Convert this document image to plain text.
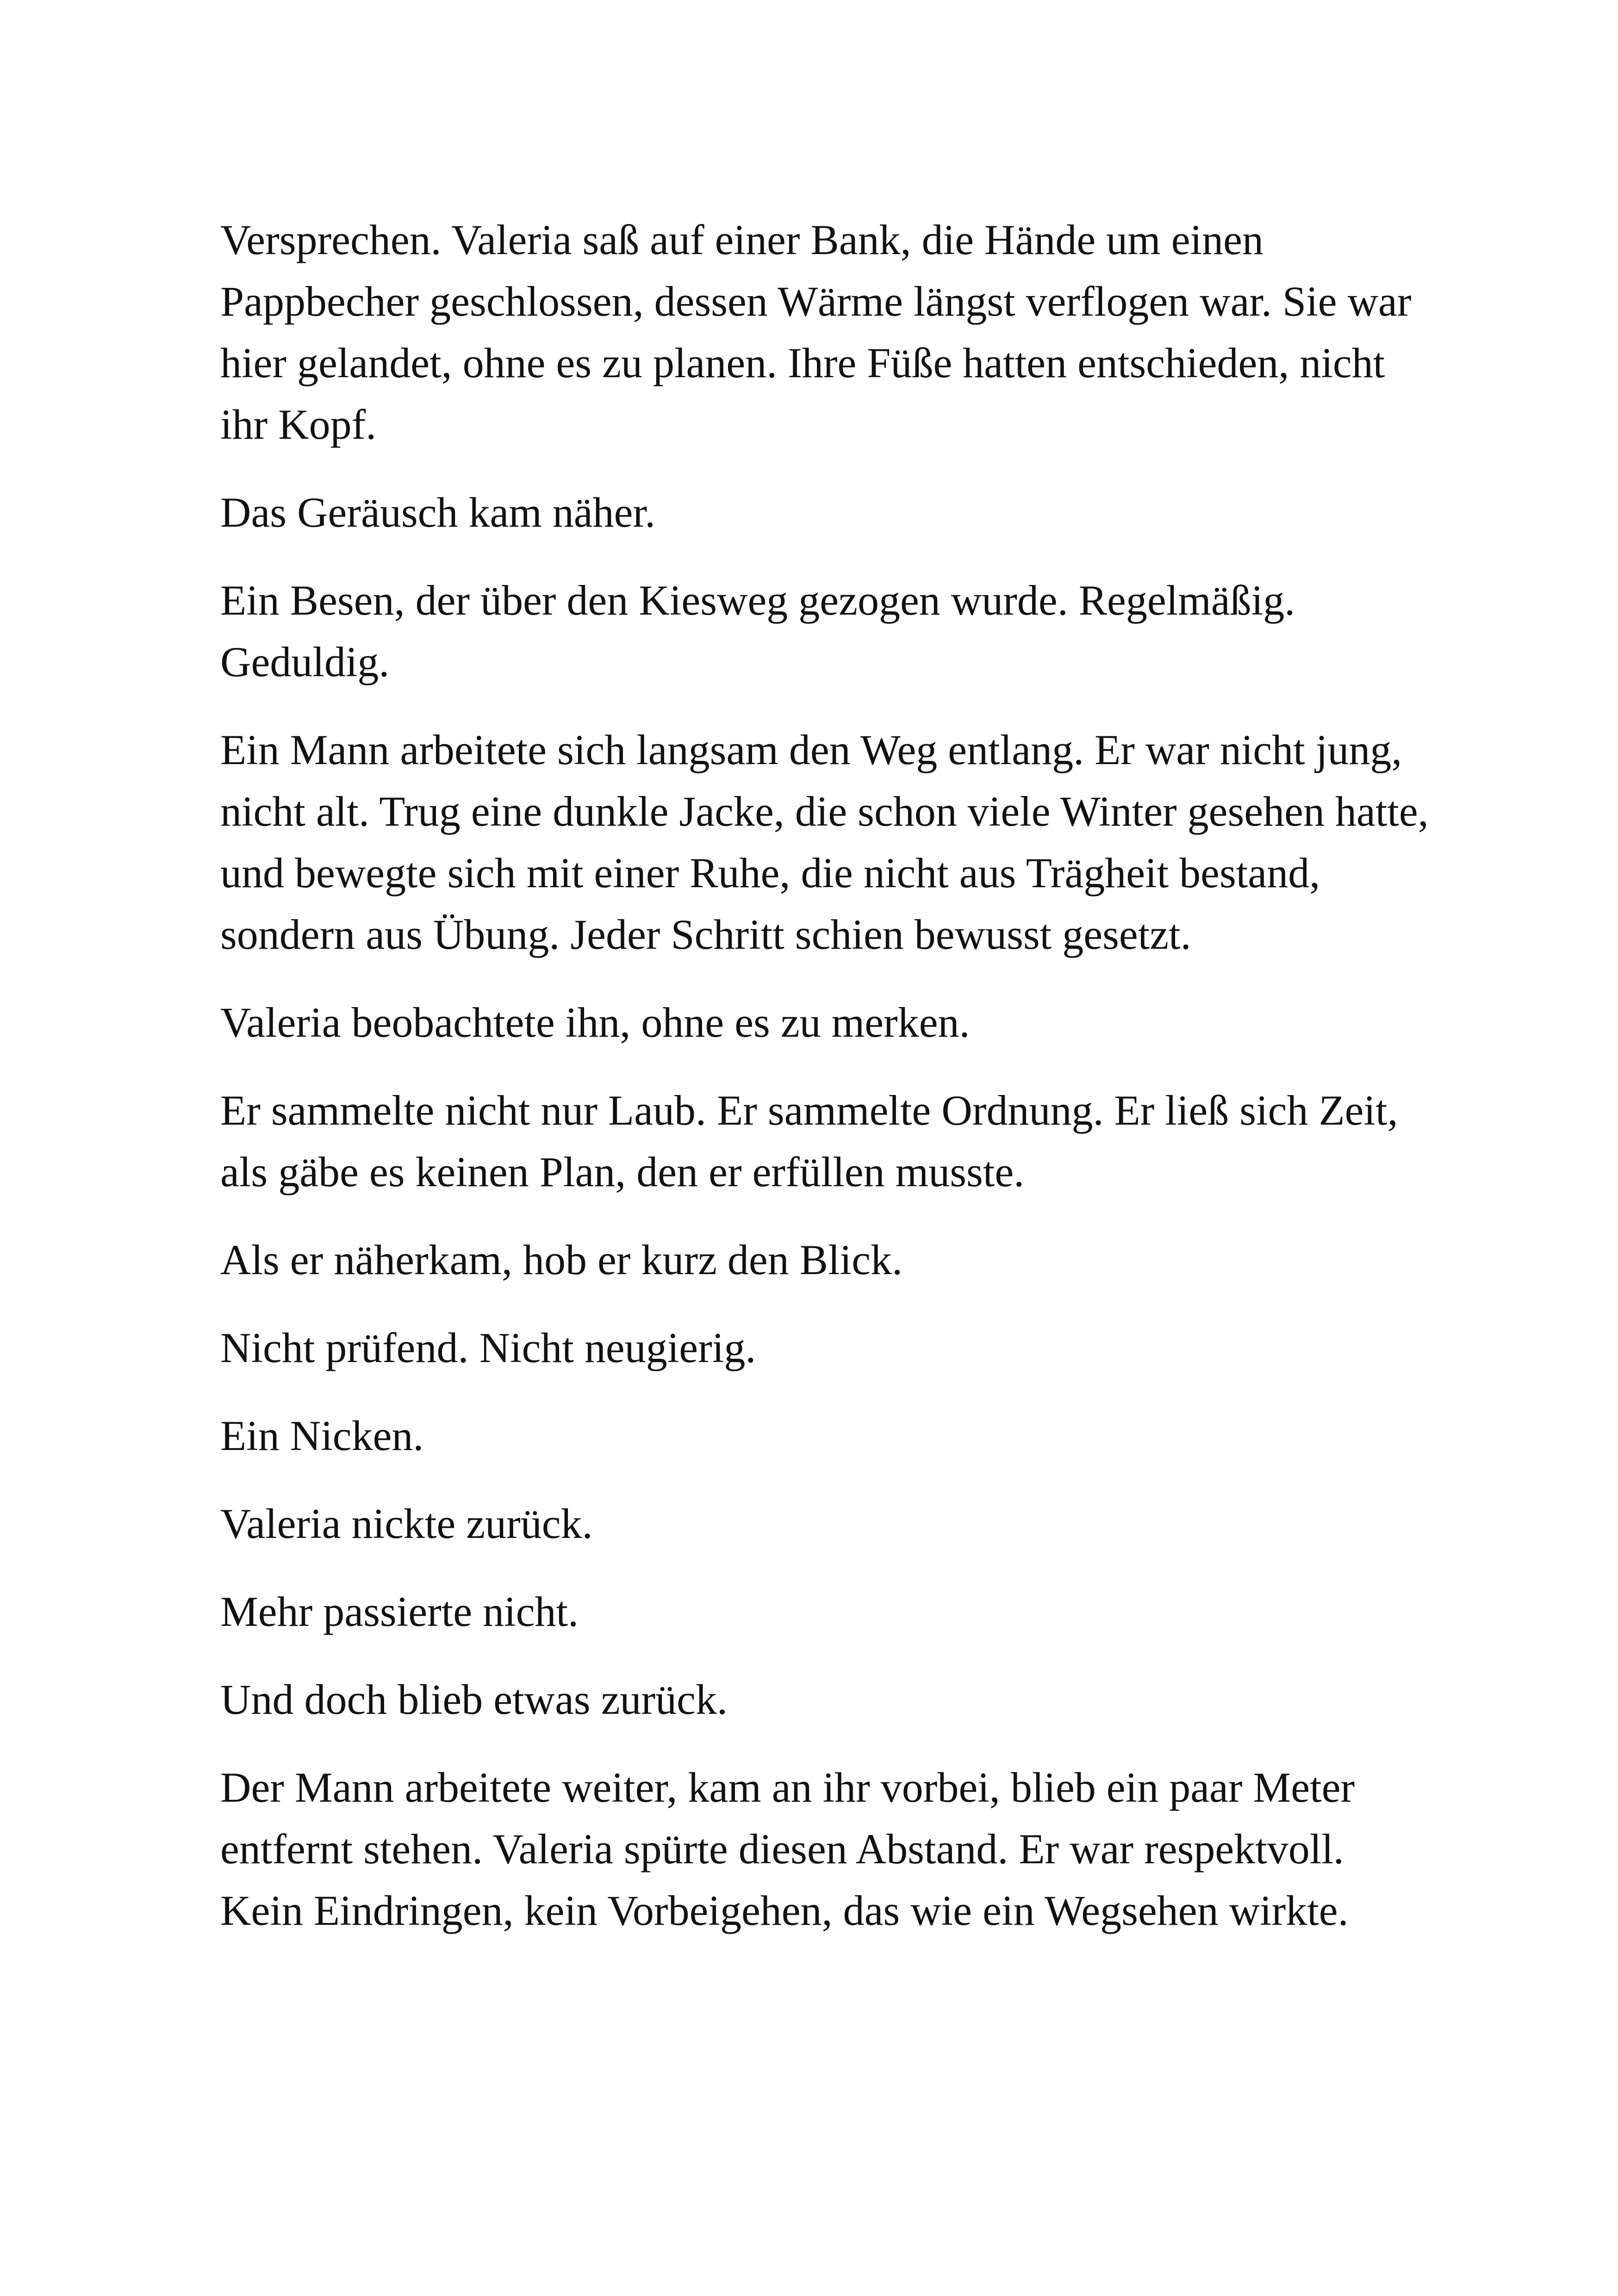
Versprechen. Valeria saß auf einer Bank, die Hände um einen Pappbecher geschlossen, dessen Wärme längst verflogen war. Sie war hier gelandet, ohne es zu planen. Ihre Füße hatten entschieden, nicht ihr Kopf.

Das Geräusch kam näher.

Ein Besen, der über den Kiesweg gezogen wurde. Regelmäßig. Geduldig.

Ein Mann arbeitete sich langsam den Weg entlang. Er war nicht jung, nicht alt. Trug eine dunkle Jacke, die schon viele Winter gesehen hatte, und bewegte sich mit einer Ruhe, die nicht aus Trägheit bestand, sondern aus Übung. Jeder Schritt schien bewusst gesetzt.

Valeria beobachtete ihn, ohne es zu merken.

Er sammelte nicht nur Laub. Er sammelte Ordnung. Er ließ sich Zeit, als gäbe es keinen Plan, den er erfüllen musste.

Als er näherkam, hob er kurz den Blick.

Nicht prüfend. Nicht neugierig.

Ein Nicken.

Valeria nickte zurück.

Mehr passierte nicht.

Und doch blieb etwas zurück.

Der Mann arbeitete weiter, kam an ihr vorbei, blieb ein paar Meter entfernt stehen. Valeria spürte diesen Abstand. Er war respektvoll. Kein Eindringen, kein Vorbeigehen, das wie ein Wegsehen wirkte.
